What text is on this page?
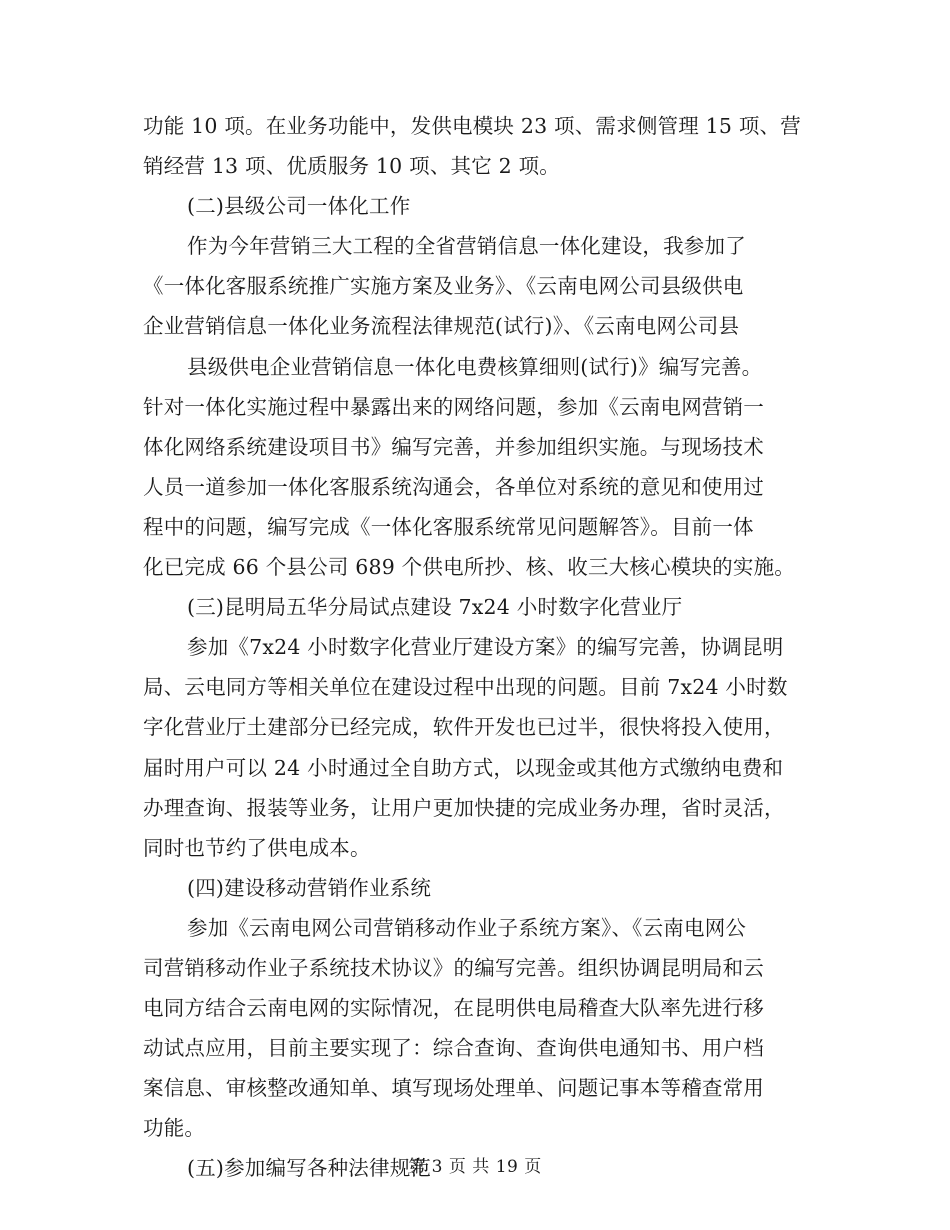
功能 10 项。在业务功能中，发供电模块 23 项、需求侧管理 15 项、营
销经营 13 项、优质服务 10 项、其它 2 项。
(二)县级公司一体化工作
作为今年营销三大工程的全省营销信息一体化建设，我参加了
《一体化客服系统推广实施方案及业务》、《云南电网公司县级供电
企业营销信息一体化业务流程法律规范(试行)》、《云南电网公司县
县级供电企业营销信息一体化电费核算细则(试行)》编写完善。
针对一体化实施过程中暴露出来的网络问题，参加《云南电网营销一
体化网络系统建设项目书》编写完善，并参加组织实施。与现场技术
人员一道参加一体化客服系统沟通会，各单位对系统的意见和使用过
程中的问题，编写完成《一体化客服系统常见问题解答》。目前一体
化已完成 66 个县公司 689 个供电所抄、核、收三大核心模块的实施。
(三)昆明局五华分局试点建设 7x24 小时数字化营业厅
参加《7x24 小时数字化营业厅建设方案》的编写完善，协调昆明
局、云电同方等相关单位在建设过程中出现的问题。目前 7x24 小时数
字化营业厅土建部分已经完成，软件开发也已过半，很快将投入使用，
届时用户可以 24 小时通过全自助方式，以现金或其他方式缴纳电费和
办理查询、报装等业务，让用户更加快捷的完成业务办理，省时灵活，
同时也节约了供电成本。
(四)建设移动营销作业系统
参加《云南电网公司营销移动作业子系统方案》、《云南电网公
司营销移动作业子系统技术协议》的编写完善。组织协调昆明局和云
电同方结合云南电网的实际情况，在昆明供电局稽查大队率先进行移
动试点应用，目前主要实现了：综合查询、查询供电通知书、用户档
案信息、审核整改通知单、填写现场处理单、问题记事本等稽查常用
功能。
(五)参加编写各种法律规范
第 3 页 共 19 页
